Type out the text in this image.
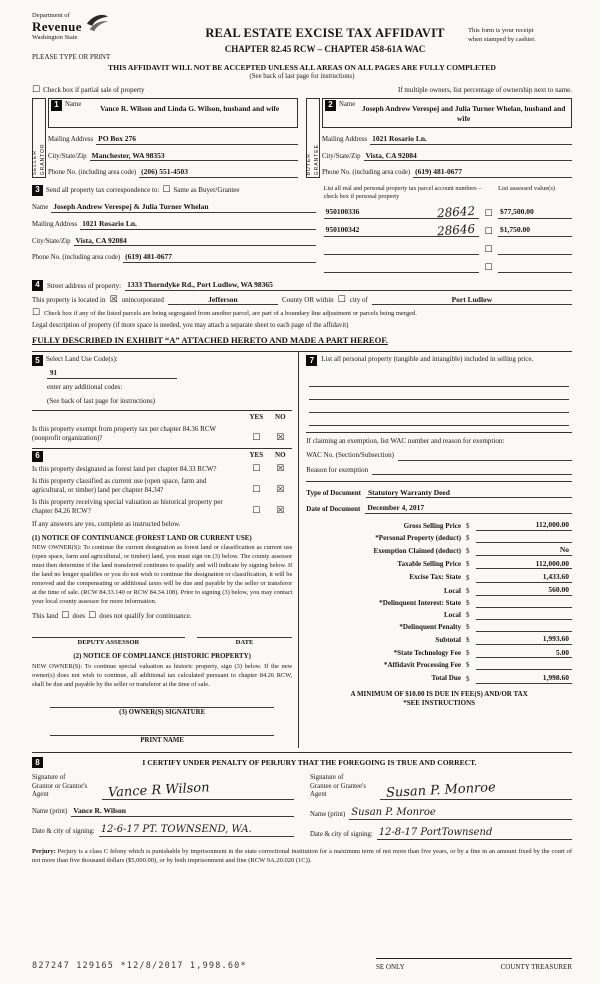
Department of
Revenue
Washington State
PLEASE TYPE OR PRINT
REAL ESTATE EXCISE TAX AFFIDAVIT
CHAPTER 82.45 RCW – CHAPTER 458-61A WAC
This form is your receipt
when stamped by cashier.
THIS AFFIDAVIT WILL NOT BE ACCEPTED UNLESS ALL AREAS ON ALL PAGES ARE FULLY COMPLETED
(See back of last page for instructions)
☐ Check box if partial sale of property	If multiple owners, list percentage of ownership next to name.
SELLER GRANTOR
1 Name	Vance R. Wilson and Linda G. Wilson, husband and wife
Mailing Address PO Box 276
City/State/Zip Manchester, WA 98353
Phone No. (including area code) (206) 551-4503	BUYER GRANTEE
2 Name Joseph Andrew Verespej and Julia Turner Whelan, husband and wife
Mailing Address 1021 Rosario Ln.
City/State/Zip Vista, CA 92084
Phone No. (including area code) (619) 481-0677
3 Send all property tax correspondence to: ☐ Same as Buyer/Grantee
Name Joseph Andrew Verespej & Julia Turner Whelan
Mailing Address 1021 Rosario Ln.
City/State/Zip Vista, CA 92084
Phone No. (including area code) (619) 481-0677
List all real and personal property tax parcel account numbers – check box if personal property
List assessed value(s)
950100336	28642 ☐ $77,500.00
950100342	28646 ☐ $1,750.00
☐
☐
4	Street address of property: 1333 Thorndyke Rd., Port Ludlow, WA 98365
This property is located in ☒ unincorporated	Jefferson	County OR within ☐ city of	Port Ludlow
☐ Check box if any of the listed parcels are being segregated from another parcel, are part of a boundary line adjustment or parcels being merged.
Legal description of property (if more space is needed, you may attach a separate sheet to each page of the affidavit)
FULLY DESCRIBED IN EXHIBIT “A” ATTACHED HERETO AND MADE A PART HEREOF.
5 Select Land Use Code(s):
91
enter any additional codes:
(See back of last page for instructions)
YES	NO
Is this property exempt from property tax per chapter 84.36 RCW (nonprofit organization)?	☐	☒
6	YES	NO
Is this property designated as forest land per chapter 84.33 RCW?	☐	☒
Is this property classified as current use (open space, farm and agricultural, or timber) land per chapter 84.34?	☐	☒
Is this property receiving special valuation as historical property per chapter 84.26 RCW?	☐	☒
If any answers are yes, complete as instructed below.
(1) NOTICE OF CONTINUANCE (FOREST LAND OR CURRENT USE)
NEW OWNER(S): To continue the current designation as forest land or classification as current use (open space, farm and agricultural, or timber) land, you must sign on (3) below. The county assessor must then determine if the land transferred continues to qualify and will indicate by signing below. If the land no longer qualifies or you do not wish to continue the designation or classification, it will be removed and the compensating or additional taxes will be due and payable by the seller or transferor at the time of sale. (RCW 84.33.140 or RCW 84.34.108). Prior to signing (3) below, you may contact your local county assessor for more information.
This land ☐ does ☐ does not qualify for continuance.
DEPUTY ASSESSOR	DATE
(2) NOTICE OF COMPLIANCE (HISTORIC PROPERTY)
NEW OWNER(S): To continue special valuation as historic property, sign (3) below. If the new owner(s) does not wish to continue, all additional tax calculated pursuant to chapter 84.26 RCW, shall be due and payable by the seller or transferor at the time of sale.
(3) OWNER(S) SIGNATURE
PRINT NAME
7	List all personal property (tangible and intangible) included in selling price.
If claiming an exemption, list WAC number and reason for exemption:
WAC No. (Section/Subsection)
Reason for exemption
Type of Document Statutory Warranty Deed
Date of Document December 4, 2017
Gross Selling Price $	112,000.00
*Personal Property (deduct) $
Exemption Claimed (deduct) $	No
Taxable Selling Price $	112,000.00
Excise Tax: State $	1,433.60
Local $	560.00
*Delinquent Interest: State $
Local $
*Delinquent Penalty $
Subtotal $	1,993.60
*State Technology Fee $	5.00
*Affidavit Processing Fee $
Total Due $	1,998.60
A MINIMUM OF $10.00 IS DUE IN FEE(S) AND/OR TAX
*SEE INSTRUCTIONS
8	I CERTIFY UNDER PENALTY OF PERJURY THAT THE FOREGOING IS TRUE AND CORRECT.
Signature of
Grantor or Grantor's Agent	Vance R Wilson
Name (print) Vance R. Wilson
Date & city of signing: 12-6-17 PT. TOWNSEND, WA.
Signature of
Grantee or Grantee's Agent	Susan P. Monroe
Name (print) Susan P. Monroe
Date & city of signing: 12-8-17 PortTownsend
Perjury: Perjury is a class C felony which is punishable by imprisonment in the state correctional institution for a maximum term of not more than five years, or by a fine in an amount fixed by the court of not more than five thousand dollars ($5,000.00), or by both imprisonment and fine (RCW 9A.20.020 (1C)).
827247 129165 *12/8/2017 1,998.60*	SE ONLY	COUNTY TREASURER
